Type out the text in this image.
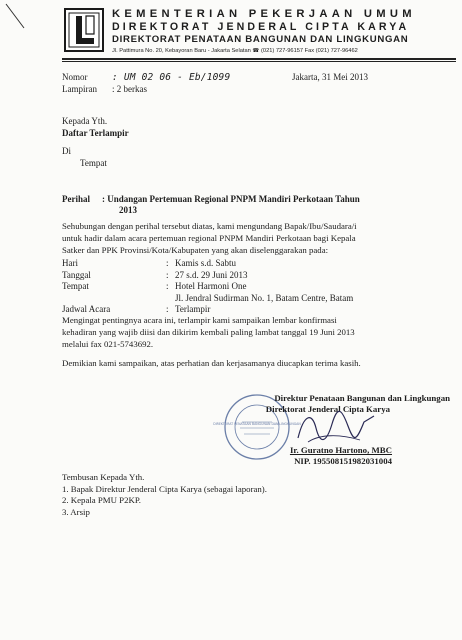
KEMENTERIAN PEKERJAAN UMUM
DIREKTORAT JENDERAL CIPTA KARYA
DIREKTORAT PENATAAN BANGUNAN DAN LINGKUNGAN
Jl. Pattimura No. 20, Kebayoran Baru - Jakarta Selatan ☎ (021) 727-96157 Fax (021) 727-96462
Nomor	: UM 02 06 - Eb/1099	Jakarta, 31 Mei 2013
Lampiran : 2 berkas
Kepada Yth.
Daftar Terlampir
Di
Tempat
Perihal : Undangan Pertemuan Regional PNPM Mandiri Perkotaan Tahun
2013
Sehubungan dengan perihal tersebut diatas, kami mengundang Bapak/Ibu/Saudara/i
untuk hadir dalam acara pertemuan regional PNPM Mandiri Perkotaan bagi Kepala
Satker dan PPK Provinsi/Kota/Kabupaten yang akan diselenggarakan pada:
Hari	: Kamis s.d. Sabtu
Tanggal	: 27 s.d. 29 Juni 2013
Tempat	: Hotel Harmoni One
Jl. Jendral Sudirman No. 1, Batam Centre, Batam
Jadwal Acara	: Terlampir
Mengingat pentingnya acara ini, terlampir kami sampaikan lembar konfirmasi
kehadiran yang wajib diisi dan dikirim kembali paling lambat tanggal 19 Juni 2013
melalui fax 021-5743692.
Demikian kami sampaikan, atas perhatian dan kerjasamanya diucapkan terima kasih.
DIREKTORAT PENATAAN BANGUNAN DAN LINGKUNGAN
Direktur Penataan Bangunan dan Lingkungan
Direktorat Jenderal Cipta Karya
Ir. Guratno Hartono, MBC
NIP. 195508151982031004
Tembusan Kepada Yth.
1. Bapak Direktur Jenderal Cipta Karya (sebagai laporan).
2. Kepala PMU P2KP.
3. Arsip
